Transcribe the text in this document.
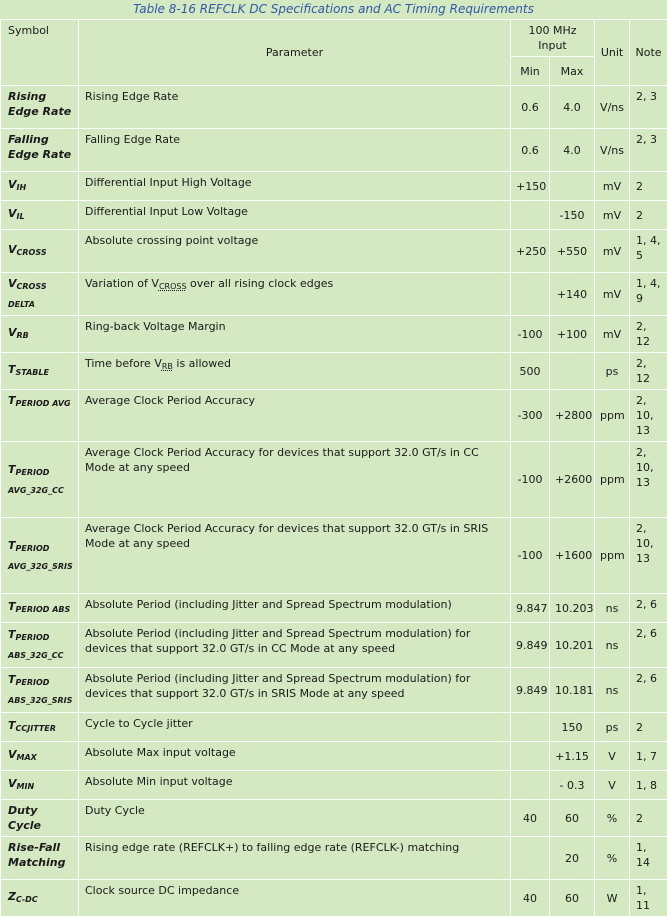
Table 8-16 REFCLK DC Specifications and AC Timing Requirements
Symbol	Parameter	100 MHz Input		Unit	Note
		Min	Max		
Rising Edge Rate	Rising Edge Rate	0.6	4.0	V/ns	2, 3
Falling Edge Rate	Falling Edge Rate	0.6	4.0	V/ns	2, 3
$V_{IH}$	Differential Input High Voltage	+150		mV	2
$V_{IL}$	Differential Input Low Voltage		-150	mV	2
$V_{CROSS}$	Absolute crossing point voltage	+250	+550	mV	1, 4, 5
$V_{CROSS DELTA}$	Variation of $V_{CROSS}$ over all rising clock edges		+140	mV	1, 4, 9
$V_{RB}$	Ring-back Voltage Margin	-100	+100	mV	2, 12
$T_{STABLE}$	Time before $V_{RB}$ is allowed	500		ps	2, 12
$T_{PERIOD AVG}$	Average Clock Period Accuracy	-300	+2800	ppm	2, 10, 13
$T_{PERIOD AVG\_32G\_CC}$	Average Clock Period Accuracy for devices that support 32.0 GT/s in CC Mode at any speed	-100	+2600	ppm	2, 10, 13
$T_{PERIOD AVG\_32G\_SRIS}$	Average Clock Period Accuracy for devices that support 32.0 GT/s in SRIS Mode at any speed	-100	+1600	ppm	2, 10, 13
$T_{PERIOD ABS}$	Absolute Period (including Jitter and Spread Spectrum modulation)	9.847	10.203	ns	2, 6
$T_{PERIOD ABS\_32G\_CC}$	Absolute Period (including Jitter and Spread Spectrum modulation) for devices that support 32.0 GT/s in CC Mode at any speed	9.849	10.201	ns	2, 6
$T_{PERIOD ABS\_32G\_SRIS}$	Absolute Period (including Jitter and Spread Spectrum modulation) for devices that support 32.0 GT/s in SRIS Mode at any speed	9.849	10.181	ns	2, 6
$T_{CCJITTER}$	Cycle to Cycle jitter		150	ps	2
$V_{MAX}$	Absolute Max input voltage		+1.15	V	1, 7
$V_{MIN}$	Absolute Min input voltage		- 0.3	V	1, 8
Duty Cycle	Duty Cycle	40	60	%	2
Rise-Fall Matching	Rising edge rate (REFCLK+) to falling edge rate (REFCLK-) matching		20	%	1, 14
$Z_{C-DC}$	Clock source DC impedance	40	60	W	1, 11
